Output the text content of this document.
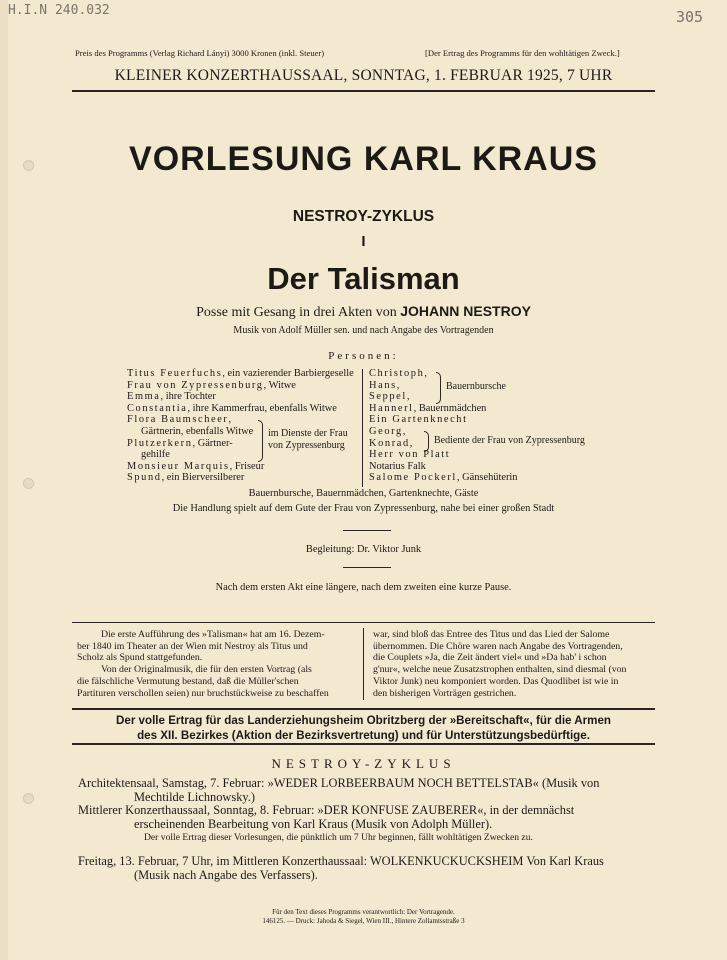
H.I.N 240.032	305
Preis des Programms (Verlag Richard Lányi) 3000 Kronen (inkl. Steuer)	[Der Ertrag des Programms für den wohltätigen Zweck.]
KLEINER KONZERTHAUSSAAL, SONNTAG, 1. FEBRUAR 1925, 7 UHR
VORLESUNG KARL KRAUS
NESTROY-ZYKLUS
I
Der Talisman
Posse mit Gesang in drei Akten von JOHANN NESTROY
Musik von Adolf Müller sen. und nach Angabe des Vortragenden
Personen:
Titus Feuerfuchs, ein vazierender Barbiergeselle
Frau von Zypressenburg, Witwe
Emma, ihre Tochter
Constantia, ihre Kammerfrau, ebenfalls Witwe
Flora Baumscheer,
Gärtnerin, ebenfalls Witwe
Plutzerkern, Gärtner-
gehilfe
Monsieur Marquis, Friseur
Spund, ein Bierversilberer
im Dienste der Frau
von Zypressenburg
Christoph,
Hans,
Seppel,
Hannerl, Bauernmädchen
Ein Gartenknecht
Georg,
Konrad,
Herr von Platt
Notarius Falk
Salome Pockerl, Gänsehüterin
Bauernbursche
Bediente der Frau von Zypressenburg
Bauernbursche, Bauernmädchen, Gartenknechte, Gäste
Die Handlung spielt auf dem Gute der Frau von Zypressenburg, nahe bei einer großen Stadt
Begleitung: Dr. Viktor Junk
Nach dem ersten Akt eine längere, nach dem zweiten eine kurze Pause.
Die erste Aufführung des »Talisman« hat am 16. Dezem-
ber 1840 im Theater an der Wien mit Nestroy als Titus und
Scholz als Spund stattgefunden.
Von der Originalmusik, die für den ersten Vortrag (als
die fälschliche Vermutung bestand, daß die Müller'schen
Partituren verschollen seien) nur bruchstückweise zu beschaffen
war, sind bloß das Entree des Titus und das Lied der Salome
übernommen. Die Chöre waren nach Angabe des Vortragenden,
die Couplets »Ja, die Zeit ändert viel« und »Da hab' i schon
g'nur«, welche neue Zusatzstrophen enthalten, sind diesmal (von
Viktor Junk) neu komponiert worden. Das Quodlibet ist wie in
den bisherigen Vorträgen gestrichen.
Der volle Ertrag für das Landerziehungsheim Obritzberg der »Bereitschaft«, für die Armen
des XII. Bezirkes (Aktion der Bezirksvertretung) und für Unterstützungsbedürftige.
NESTROY-ZYKLUS
Architektensaal, Samstag, 7. Februar: »WEDER LORBEERBAUM NOCH BETTELSTAB« (Musik von
Mechtilde Lichnowsky.)
Mittlerer Konzerthaussaal, Sonntag, 8. Februar: »DER KONFUSE ZAUBERER«, in der demnächst
erscheinenden Bearbeitung von Karl Kraus (Musik von Adolph Müller).
Der volle Ertrag dieser Vorlesungen, die pünktlich um 7 Uhr beginnen, fällt wohltätigen Zwecken zu.
Freitag, 13. Februar, 7 Uhr, im Mittleren Konzerthaussaal: WOLKENKUCKUCKSHEIM Von Karl Kraus
(Musik nach Angabe des Verfassers).
Für den Text dieses Programms verantwortlich: Der Vortragende.
146125. — Druck: Jahoda & Siegel, Wien III., Hintere Zollamtsstraße 3
